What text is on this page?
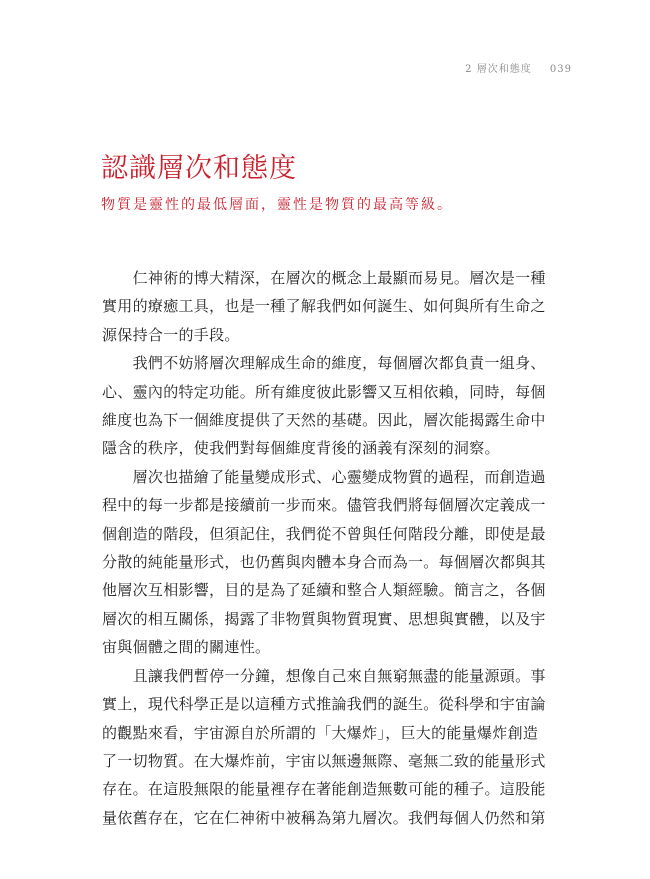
2 層次和態度 039
認識層次和態度

物質是靈性的最低層面，靈性是物質的最高等級。

　　仁神術的博大精深，在層次的概念上最顯而易見。層次是一種
實用的療癒工具，也是一種了解我們如何誕生、如何與所有生命之
源保持合一的手段。

　　我們不妨將層次理解成生命的維度，每個層次都負責一組身、
心、靈內的特定功能。所有維度彼此影響又互相依賴，同時，每個
維度也為下一個維度提供了天然的基礎。因此，層次能揭露生命中
隱含的秩序，使我們對每個維度背後的涵義有深刻的洞察。

　　層次也描繪了能量變成形式、心靈變成物質的過程，而創造過
程中的每一步都是接續前一步而來。儘管我們將每個層次定義成一
個創造的階段，但須記住，我們從不曾與任何階段分離，即使是最
分散的純能量形式，也仍舊與肉體本身合而為一。每個層次都與其
他層次互相影響，目的是為了延續和整合人類經驗。簡言之，各個
層次的相互關係，揭露了非物質與物質現實、思想與實體，以及宇
宙與個體之間的關連性。

　　且讓我們暫停一分鐘，想像自己來自無窮無盡的能量源頭。事
實上，現代科學正是以這種方式推論我們的誕生。從科學和宇宙論
的觀點來看，宇宙源自於所謂的「大爆炸」，巨大的能量爆炸創造
了一切物質。在大爆炸前，宇宙以無邊無際、毫無二致的能量形式
存在。在這股無限的能量裡存在著能創造無數可能的種子。這股能
量依舊存在，它在仁神術中被稱為第九層次。我們每個人仍然和第
